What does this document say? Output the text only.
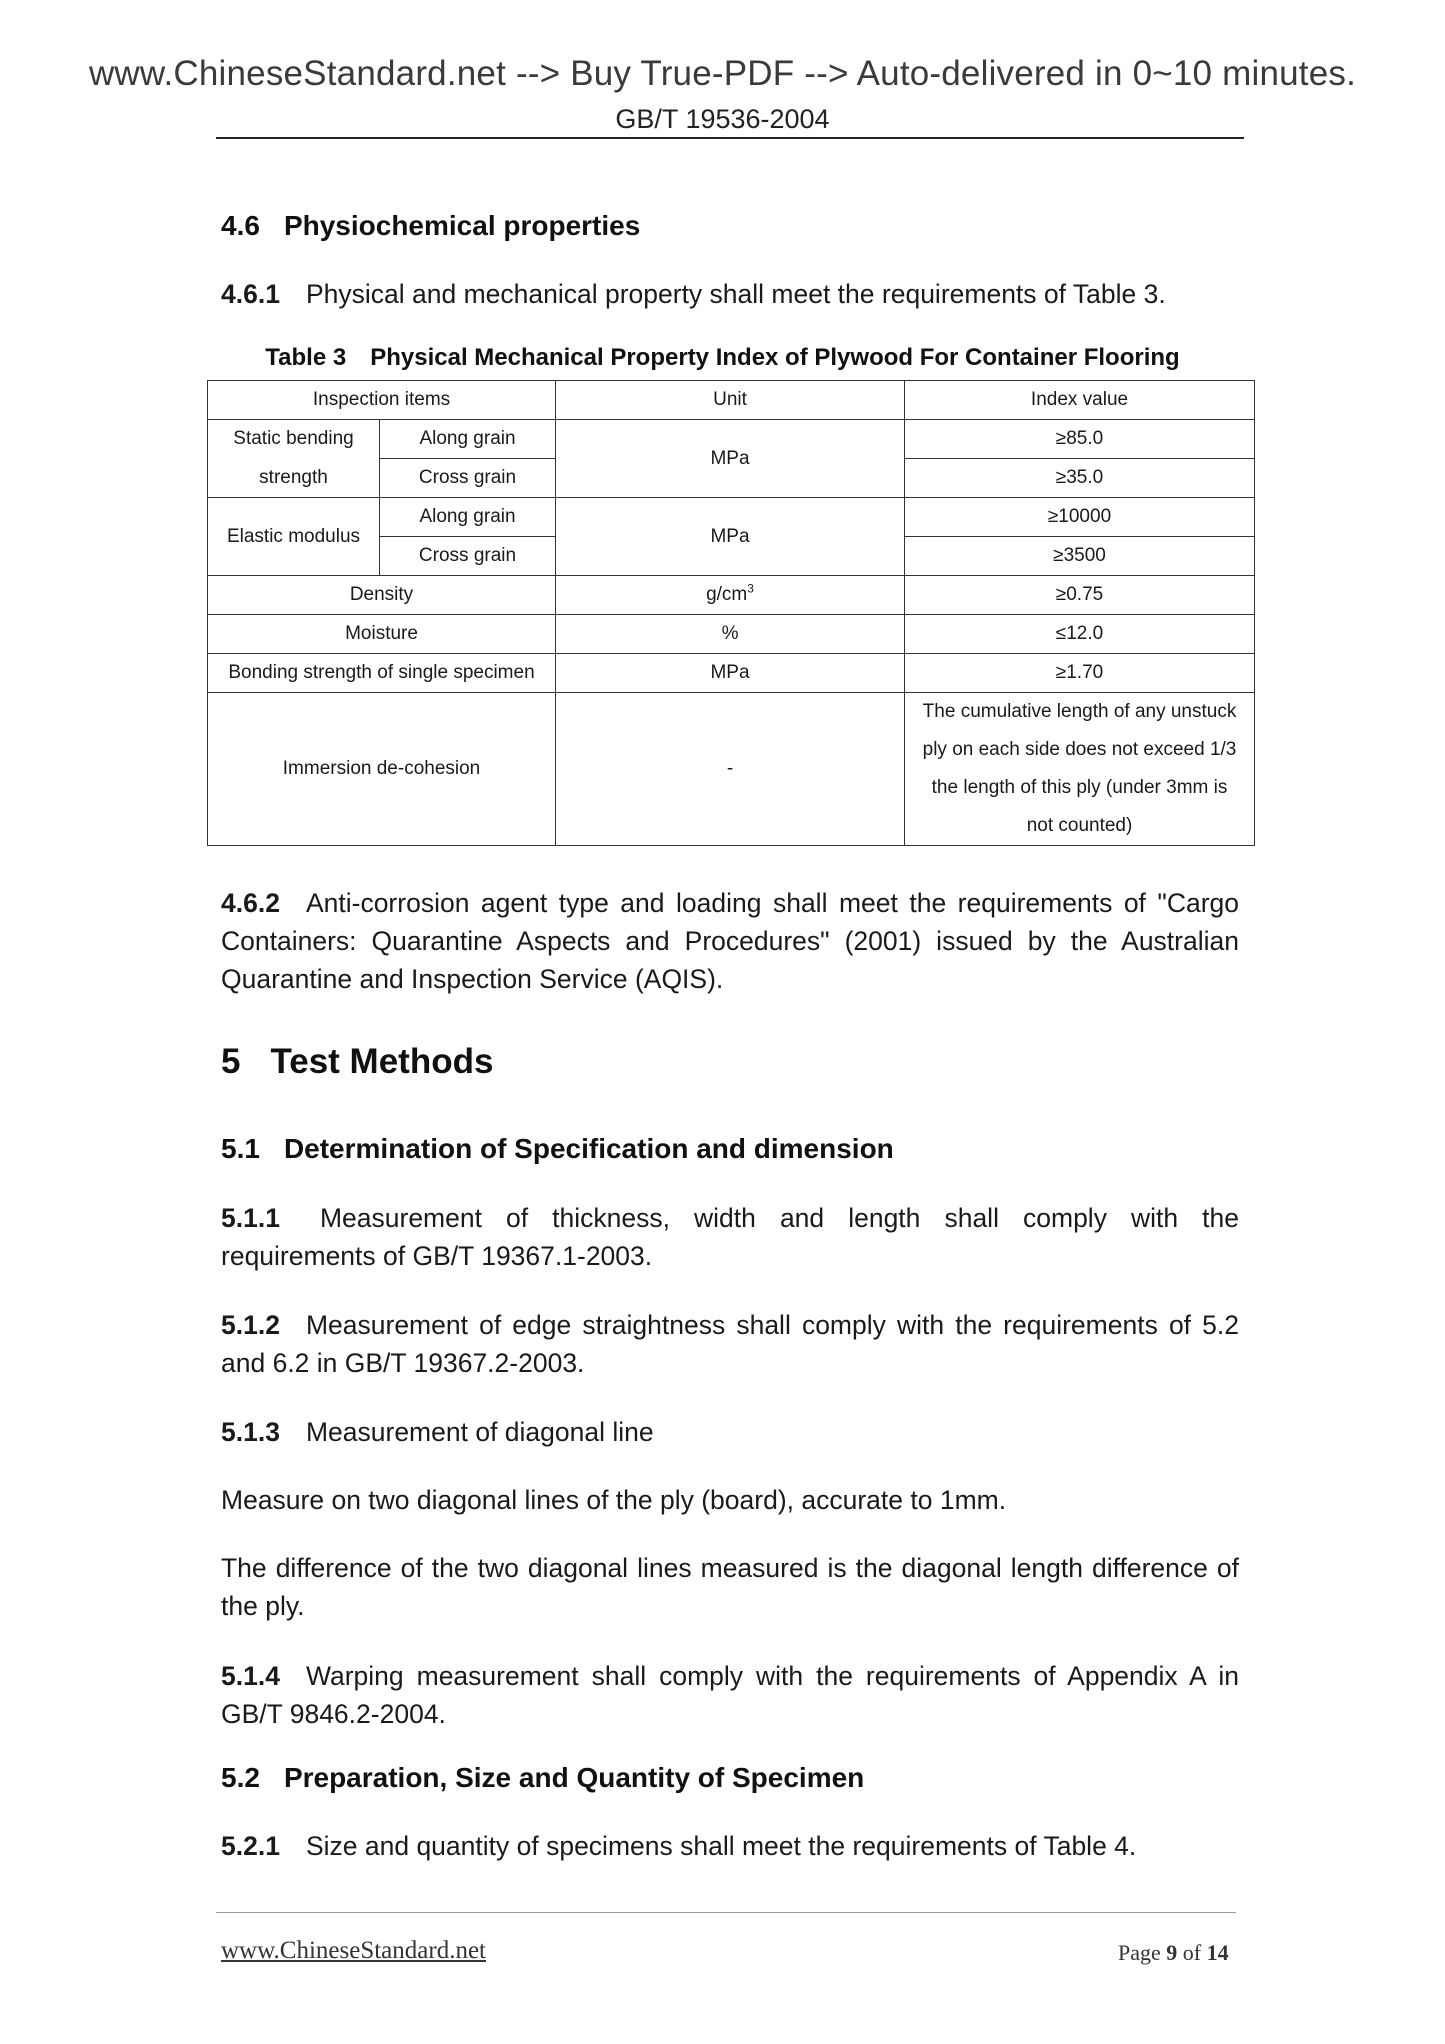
www.ChineseStandard.net --> Buy True-PDF --> Auto-delivered in 0~10 minutes.
GB/T 19536-2004
4.6 Physiochemical properties
4.6.1 Physical and mechanical property shall meet the requirements of Table 3.
Table 3 Physical Mechanical Property Index of Plywood For Container Flooring
Inspection items		Unit	Index value
Static bending	Along grain	MPa	≥85.0
strength	Cross grain		≥35.0
Elastic modulus	Along grain	MPa	≥10000
	Cross grain		≥3500
Density		$g/cm^3$	≥0.75
Moisture		%	≤12.0
Bonding strength of single specimen		MPa	≥1.70
Immersion de-cohesion		-	The cumulative length of any unstuck
ply on each side does not exceed 1/3
the length of this ply (under 3mm is
not counted)
4.6.2 Anti-corrosion agent type and loading shall meet the requirements of "Cargo
Containers: Quarantine Aspects and Procedures" (2001) issued by the Australian
Quarantine and Inspection Service (AQIS).
5 Test Methods
5.1 Determination of Specification and dimension
5.1.1 Measurement of thickness, width and length shall comply with the
requirements of GB/T 19367.1-2003.
5.1.2 Measurement of edge straightness shall comply with the requirements of 5.2
and 6.2 in GB/T 19367.2-2003.
5.1.3 Measurement of diagonal line
Measure on two diagonal lines of the ply (board), accurate to 1mm.
The difference of the two diagonal lines measured is the diagonal length difference of
the ply.
5.1.4 Warping measurement shall comply with the requirements of Appendix A in
GB/T 9846.2-2004.
5.2 Preparation, Size and Quantity of Specimen
5.2.1 Size and quantity of specimens shall meet the requirements of Table 4.
www.ChineseStandard.net	Page 9 of 14
